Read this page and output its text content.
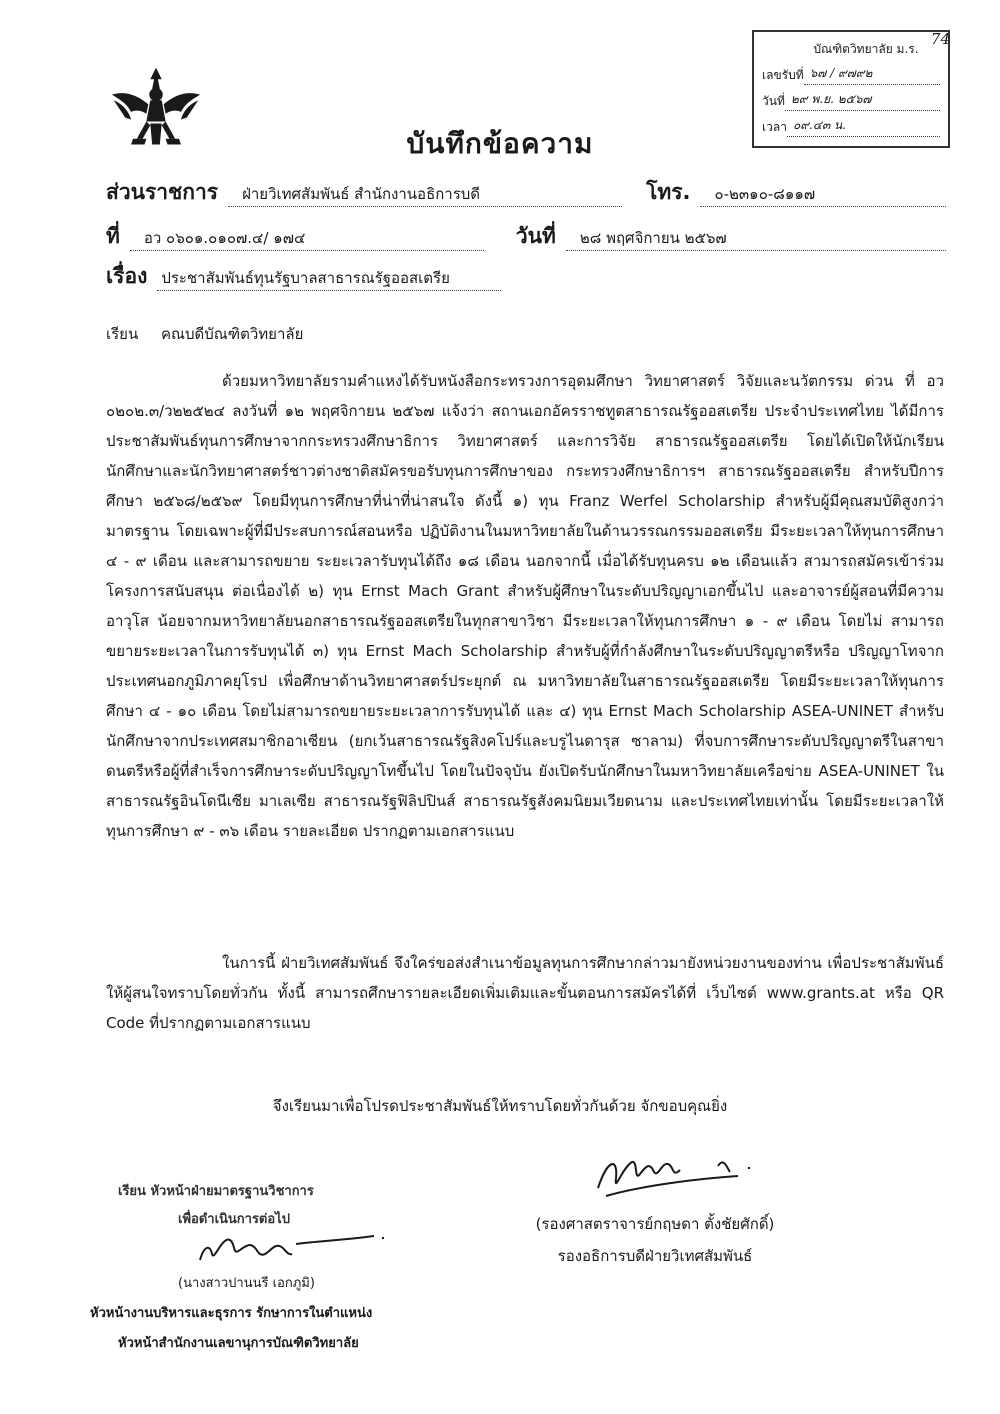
74
บัณฑิตวิทยาลัย ม.ร.
เลขรับที่ ๖๗ / ๙๗๙๒
วันที่ ๒๙ พ.ย. ๒๕๖๗
เวลา ๐๙.๔๓ น.
บันทึกข้อความ
ส่วนราชการ	ฝ่ายวิเทศสัมพันธ์ สำนักงานอธิการบดี	โทร.	๐-๒๓๑๐-๘๑๑๗
ที่	อว ๐๖๐๑.๐๑๐๗.๔/ ๑๗๔	วันที่	๒๘ พฤศจิกายน ๒๕๖๗
เรื่อง ประชาสัมพันธ์ทุนรัฐบาลสาธารณรัฐออสเตรีย
เรียน คณบดีบัณฑิตวิทยาลัย

ด้วยมหาวิทยาลัยรามคำแหงได้รับหนังสือกระทรวงการอุดมศึกษา วิทยาศาสตร์ วิจัยและนวัตกรรม ด่วน ที่ อว ๐๒๐๒.๓/ว๒๒๕๒๔ ลงวันที่ ๑๒ พฤศจิกายน ๒๕๖๗ แจ้งว่า สถานเอกอัครราชทูตสาธารณรัฐออสเตรีย ประจำประเทศไทย ได้มีการประชาสัมพันธ์ทุนการศึกษาจากกระทรวงศึกษาธิการ วิทยาศาสตร์ และการวิจัย สาธารณรัฐออสเตรีย โดยได้เปิดให้นักเรียน นักศึกษาและนักวิทยาศาสตร์ชาวต่างชาติสมัครขอรับทุนการศึกษาของ กระทรวงศึกษาธิการฯ สาธารณรัฐออสเตรีย สำหรับปีการศึกษา ๒๕๖๘/๒๕๖๙ โดยมีทุนการศึกษาที่น่าที่น่าสนใจ ดังนี้ ๑) ทุน Franz Werfel Scholarship สำหรับผู้มีคุณสมบัติสูงกว่ามาตรฐาน โดยเฉพาะผู้ที่มีประสบการณ์สอนหรือ ปฏิบัติงานในมหาวิทยาลัยในด้านวรรณกรรมออสเตรีย มีระยะเวลาให้ทุนการศึกษา ๔ - ๙ เดือน และสามารถขยาย ระยะเวลารับทุนได้ถึง ๑๘ เดือน นอกจากนี้ เมื่อได้รับทุนครบ ๑๒ เดือนแล้ว สามารถสมัครเข้าร่วมโครงการสนับสนุน ต่อเนื่องได้ ๒) ทุน Ernst Mach Grant สำหรับผู้ศึกษาในระดับปริญญาเอกขึ้นไป และอาจารย์ผู้สอนที่มีความอาวุโส น้อยจากมหาวิทยาลัยนอกสาธารณรัฐออสเตรียในทุกสาขาวิชา มีระยะเวลาให้ทุนการศึกษา ๑ - ๙ เดือน โดยไม่ สามารถขยายระยะเวลาในการรับทุนได้ ๓) ทุน Ernst Mach Scholarship สำหรับผู้ที่กำลังศึกษาในระดับปริญญาตรีหรือ ปริญญาโทจากประเทศนอกภูมิภาคยุโรป เพื่อศึกษาด้านวิทยาศาสตร์ประยุกต์ ณ มหาวิทยาลัยในสาธารณรัฐออสเตรีย โดยมีระยะเวลาให้ทุนการศึกษา ๔ - ๑๐ เดือน โดยไม่สามารถขยายระยะเวลาการรับทุนได้ และ ๔) ทุน Ernst Mach Scholarship ASEA-UNINET สำหรับนักศึกษาจากประเทศสมาชิกอาเซียน (ยกเว้นสาธารณรัฐสิงคโปร์และบรูไนดารุส ซาลาม) ที่จบการศึกษาระดับปริญญาตรีในสาขาดนตรีหรือผู้ที่สำเร็จการศึกษาระดับปริญญาโทขึ้นไป โดยในปัจจุบัน ยังเปิดรับนักศึกษาในมหาวิทยาลัยเครือข่าย ASEA-UNINET ในสาธารณรัฐอินโดนีเซีย มาเลเซีย สาธารณรัฐฟิลิปปินส์ สาธารณรัฐสังคมนิยมเวียดนาม และประเทศไทยเท่านั้น โดยมีระยะเวลาให้ทุนการศึกษา ๙ - ๓๖ เดือน รายละเอียด ปรากฏตามเอกสารแนบ

ในการนี้ ฝ่ายวิเทศสัมพันธ์ จึงใคร่ขอส่งสำเนาข้อมูลทุนการศึกษากล่าวมายังหน่วยงานของท่าน เพื่อประชาสัมพันธ์ให้ผู้สนใจทราบโดยทั่วกัน ทั้งนี้ สามารถศึกษารายละเอียดเพิ่มเติมและขั้นตอนการสมัครได้ที่ เว็บไซต์ www.grants.at หรือ QR Code ที่ปรากฏตามเอกสารแนบ

จึงเรียนมาเพื่อโปรดประชาสัมพันธ์ให้ทราบโดยทั่วกันด้วย จักขอบคุณยิ่ง
(รองศาสตราจารย์กฤษดา ตั้งชัยศักดิ์)
รองอธิการบดีฝ่ายวิเทศสัมพันธ์
เรียน หัวหน้าฝ่ายมาตรฐานวิชาการ
เพื่อดำเนินการต่อไป
(นางสาวปานนรี เอกภูมิ)
หัวหน้างานบริหารและธุรการ รักษาการในตำแหน่ง
หัวหน้าสำนักงานเลขานุการบัณฑิตวิทยาลัย
